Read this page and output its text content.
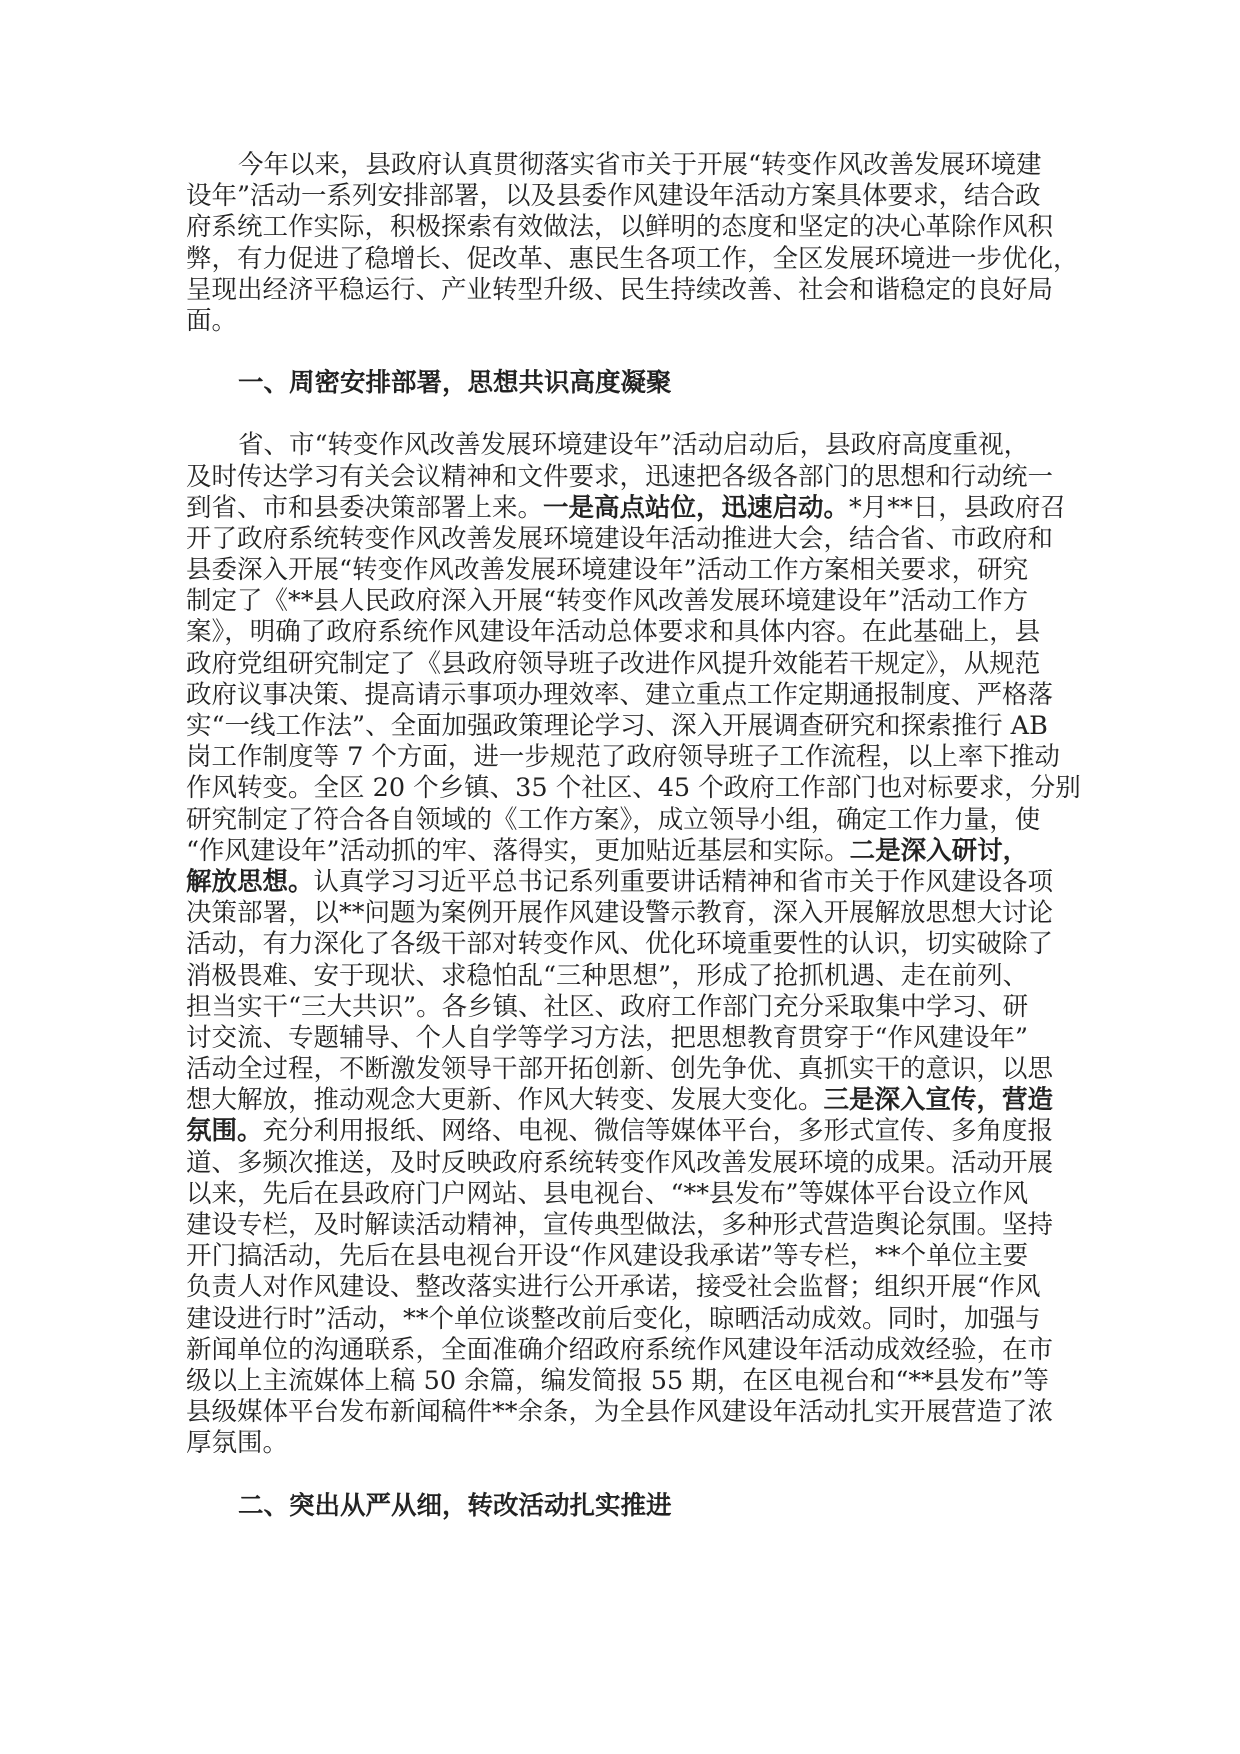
今年以来，县政府认真贯彻落实省市关于开展“转变作风改善发展环境建
设年”活动一系列安排部署，以及县委作风建设年活动方案具体要求，结合政
府系统工作实际，积极探索有效做法，以鲜明的态度和坚定的决心革除作风积
弊，有力促进了稳增长、促改革、惠民生各项工作，全区发展环境进一步优化，
呈现出经济平稳运行、产业转型升级、民生持续改善、社会和谐稳定的良好局
面。
一、周密安排部署，思想共识高度凝聚
省、市“转变作风改善发展环境建设年”活动启动后，县政府高度重视，
及时传达学习有关会议精神和文件要求，迅速把各级各部门的思想和行动统一
到省、市和县委决策部署上来。一是高点站位，迅速启动。*月**日，县政府召
开了政府系统转变作风改善发展环境建设年活动推进大会，结合省、市政府和
县委深入开展“转变作风改善发展环境建设年”活动工作方案相关要求，研究
制定了《**县人民政府深入开展“转变作风改善发展环境建设年”活动工作方
案》，明确了政府系统作风建设年活动总体要求和具体内容。在此基础上，县
政府党组研究制定了《县政府领导班子改进作风提升效能若干规定》，从规范
政府议事决策、提高请示事项办理效率、建立重点工作定期通报制度、严格落
实“一线工作法”、全面加强政策理论学习、深入开展调查研究和探索推行 AB
岗工作制度等 7 个方面，进一步规范了政府领导班子工作流程，以上率下推动
作风转变。全区 20 个乡镇、35 个社区、45 个政府工作部门也对标要求，分别
研究制定了符合各自领域的《工作方案》，成立领导小组，确定工作力量，使
“作风建设年”活动抓的牢、落得实，更加贴近基层和实际。二是深入研讨，
解放思想。认真学习习近平总书记系列重要讲话精神和省市关于作风建设各项
决策部署，以**问题为案例开展作风建设警示教育，深入开展解放思想大讨论
活动，有力深化了各级干部对转变作风、优化环境重要性的认识，切实破除了
消极畏难、安于现状、求稳怕乱“三种思想”，形成了抢抓机遇、走在前列、
担当实干“三大共识”。各乡镇、社区、政府工作部门充分采取集中学习、研
讨交流、专题辅导、个人自学等学习方法，把思想教育贯穿于“作风建设年”
活动全过程，不断激发领导干部开拓创新、创先争优、真抓实干的意识，以思
想大解放，推动观念大更新、作风大转变、发展大变化。三是深入宣传，营造
氛围。充分利用报纸、网络、电视、微信等媒体平台，多形式宣传、多角度报
道、多频次推送，及时反映政府系统转变作风改善发展环境的成果。活动开展
以来，先后在县政府门户网站、县电视台、“**县发布”等媒体平台设立作风
建设专栏，及时解读活动精神，宣传典型做法，多种形式营造舆论氛围。坚持
开门搞活动，先后在县电视台开设“作风建设我承诺”等专栏，**个单位主要
负责人对作风建设、整改落实进行公开承诺，接受社会监督；组织开展“作风
建设进行时”活动，**个单位谈整改前后变化，晾晒活动成效。同时，加强与
新闻单位的沟通联系，全面准确介绍政府系统作风建设年活动成效经验，在市
级以上主流媒体上稿 50 余篇，编发简报 55 期，在区电视台和“**县发布”等
县级媒体平台发布新闻稿件**余条，为全县作风建设年活动扎实开展营造了浓
厚氛围。
二、突出从严从细，转改活动扎实推进
